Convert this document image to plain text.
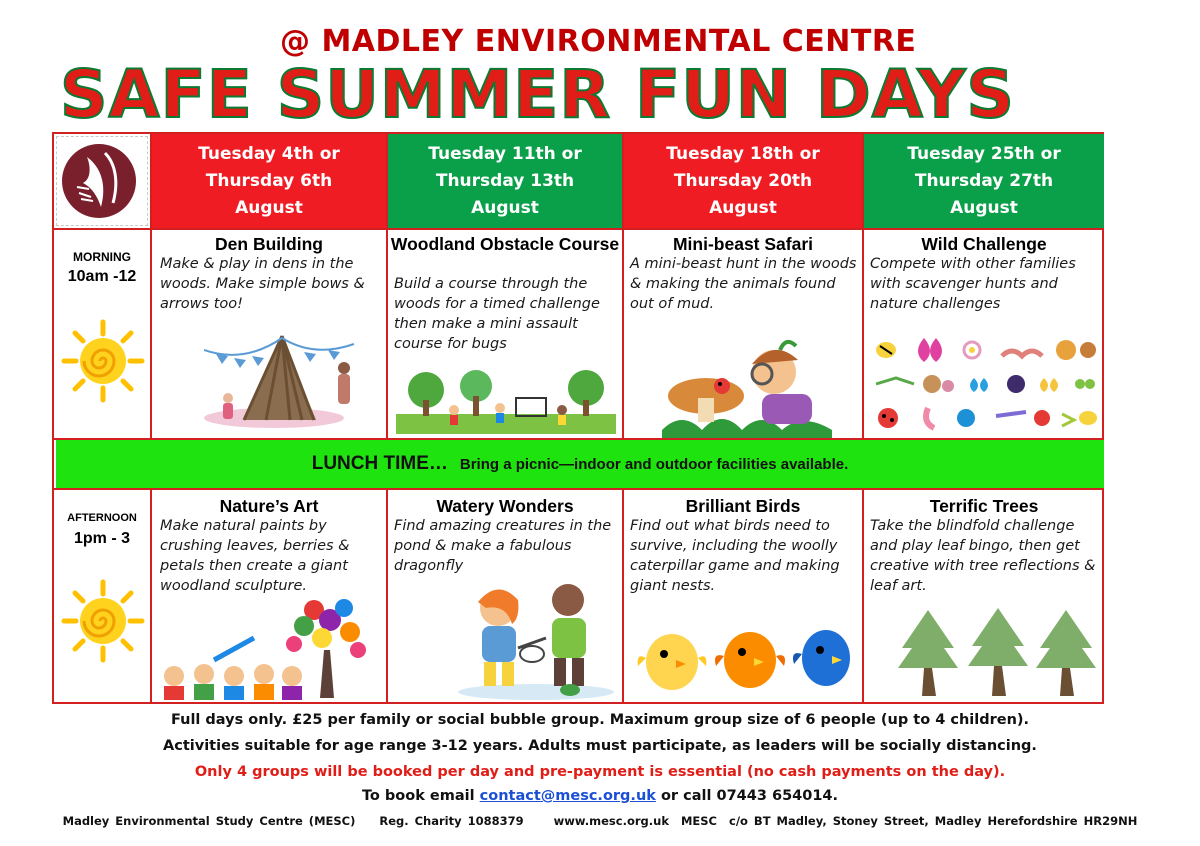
@ MADLEY ENVIRONMENTAL CENTRE
SAFE SUMMER FUN DAYS
Tuesday 4th or
Thursday 6th
August
Tuesday 11th or
Thursday 13th
August
Tuesday 18th or
Thursday 20th
August
Tuesday 25th or
Thursday 27th
August
MORNING
10am -12
Den Building
Make & play in dens in the woods. Make simple bows & arrows too!
Woodland Obstacle Course
Build a course through the woods for a timed challenge then make a mini assault course for bugs
Mini-beast Safari
A mini-beast hunt in the woods & making the animals found out of mud.
Wild Challenge
Compete with other families with scavenger hunts and nature challenges
LUNCH TIME… Bring a picnic—indoor and outdoor facilities available.
AFTERNOON
1pm - 3
Nature’s Art
Make natural paints by crushing leaves, berries & petals then create a giant woodland sculpture.
Watery Wonders
Find amazing creatures in the pond & make a fabulous dragonfly
Brilliant Birds
Find out what birds need to survive, including the woolly caterpillar game and making giant nests.
Terrific Trees
Take the blindfold challenge and play leaf bingo, then get creative with tree reflections & leaf art.
Full days only. £25 per family or social bubble group. Maximum group size of 6 people (up to 4 children).
Activities suitable for age range 3-12 years. Adults must participate, as leaders will be socially distancing.
Only 4 groups will be booked per day and pre-payment is essential (no cash payments on the day).
To book email contact@mesc.org.uk or call 07443 654014.
Madley Environmental Study Centre (MESC)    Reg. Charity 1088379     www.mesc.org.uk  MESC  c/o BT Madley, Stoney Street, Madley Herefordshire HR29NH
